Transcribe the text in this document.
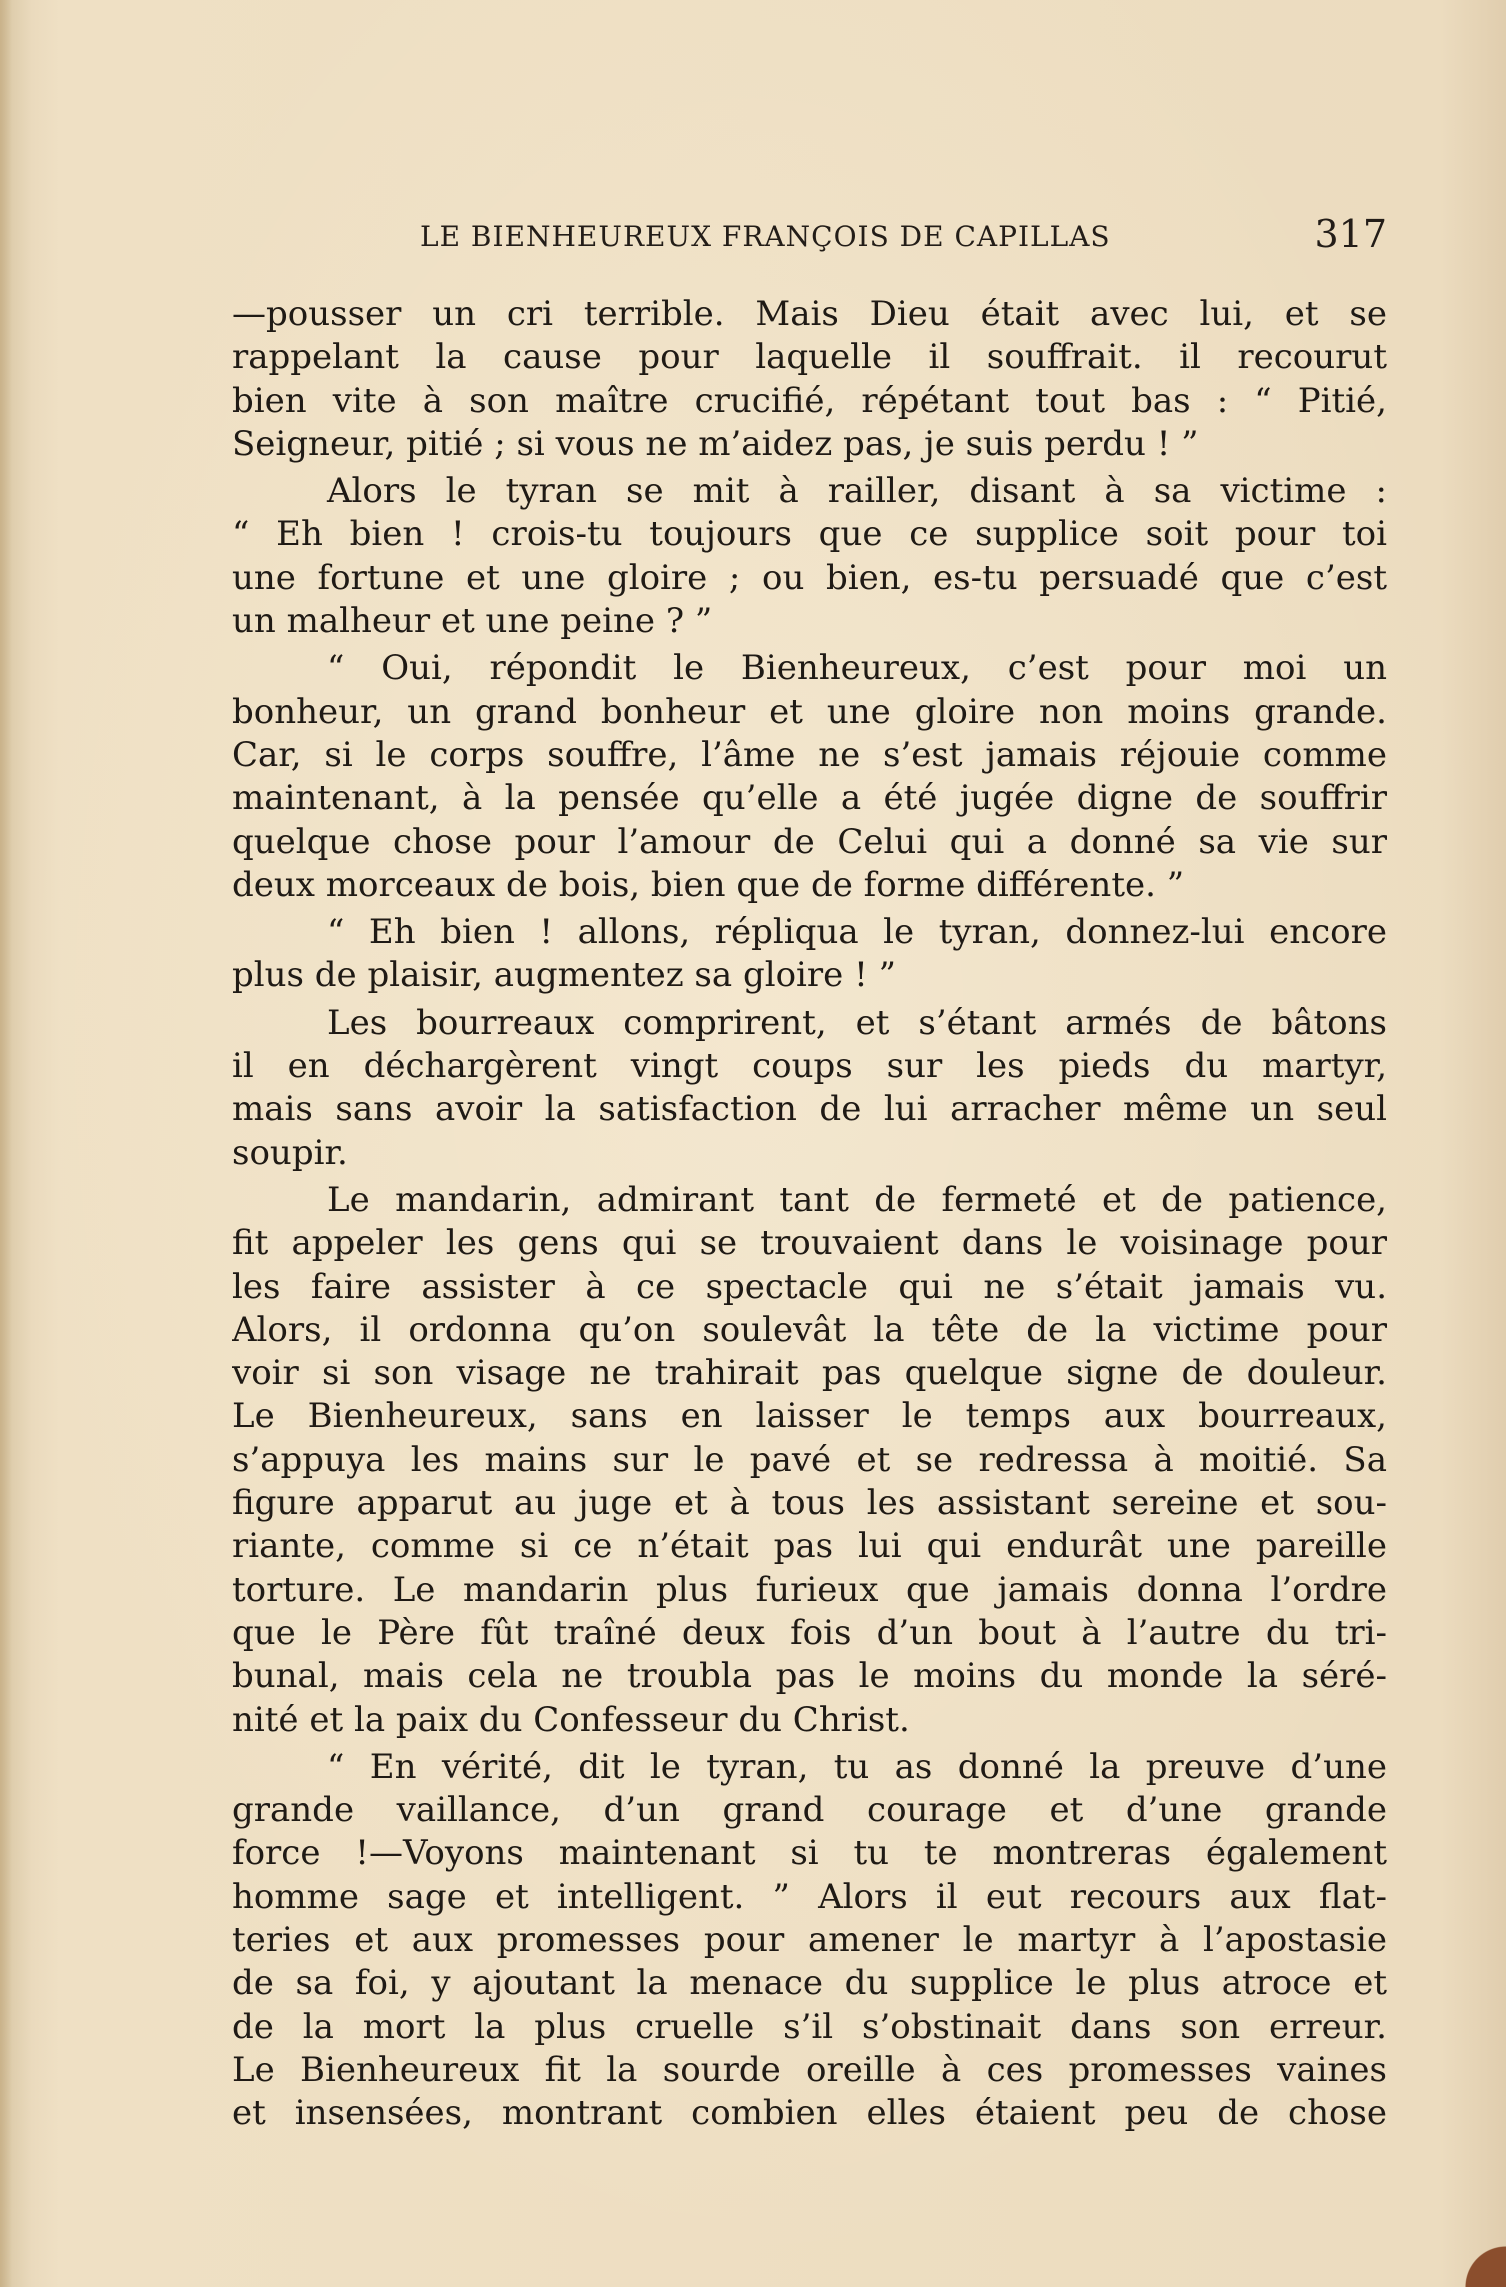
LE BIENHEUREUX FRANÇOIS DE CAPILLAS	317
—pousser un cri terrible. Mais Dieu était avec lui, et se
rappelant la cause pour laquelle il souffrait. il recourut
bien vite à son maître crucifié, répétant tout bas : “ Pitié,
Seigneur, pitié ; si vous ne m’aidez pas, je suis perdu ! ”
Alors le tyran se mit à railler, disant à sa victime :
“ Eh bien ! crois-tu toujours que ce supplice soit pour toi
une fortune et une gloire ; ou bien, es-tu persuadé que c’est
un malheur et une peine ? ”
“ Oui, répondit le Bienheureux, c’est pour moi un
bonheur, un grand bonheur et une gloire non moins grande.
Car, si le corps souffre, l’âme ne s’est jamais réjouie comme
maintenant, à la pensée qu’elle a été jugée digne de souffrir
quelque chose pour l’amour de Celui qui a donné sa vie sur
deux morceaux de bois, bien que de forme différente. ”
“ Eh bien ! allons, répliqua le tyran, donnez-lui encore
plus de plaisir, augmentez sa gloire ! ”
Les bourreaux comprirent, et s’étant armés de bâtons
il en déchargèrent vingt coups sur les pieds du martyr,
mais sans avoir la satisfaction de lui arracher même un seul
soupir.
Le mandarin, admirant tant de fermeté et de patience,
fit appeler les gens qui se trouvaient dans le voisinage pour
les faire assister à ce spectacle qui ne s’était jamais vu.
Alors, il ordonna qu’on soulevât la tête de la victime pour
voir si son visage ne trahirait pas quelque signe de douleur.
Le Bienheureux, sans en laisser le temps aux bourreaux,
s’appuya les mains sur le pavé et se redressa à moitié. Sa
figure apparut au juge et à tous les assistant sereine et sou-
riante, comme si ce n’était pas lui qui endurât une pareille
torture. Le mandarin plus furieux que jamais donna l’ordre
que le Père fût traîné deux fois d’un bout à l’autre du tri-
bunal, mais cela ne troubla pas le moins du monde la séré-
nité et la paix du Confesseur du Christ.
“ En vérité, dit le tyran, tu as donné la preuve d’une
grande vaillance, d’un grand courage et d’une grande
force !—Voyons maintenant si tu te montreras également
homme sage et intelligent. ” Alors il eut recours aux flat-
teries et aux promesses pour amener le martyr à l’apostasie
de sa foi, y ajoutant la menace du supplice le plus atroce et
de la mort la plus cruelle s’il s’obstinait dans son erreur.
Le Bienheureux fit la sourde oreille à ces promesses vaines
et insensées, montrant combien elles étaient peu de chose
